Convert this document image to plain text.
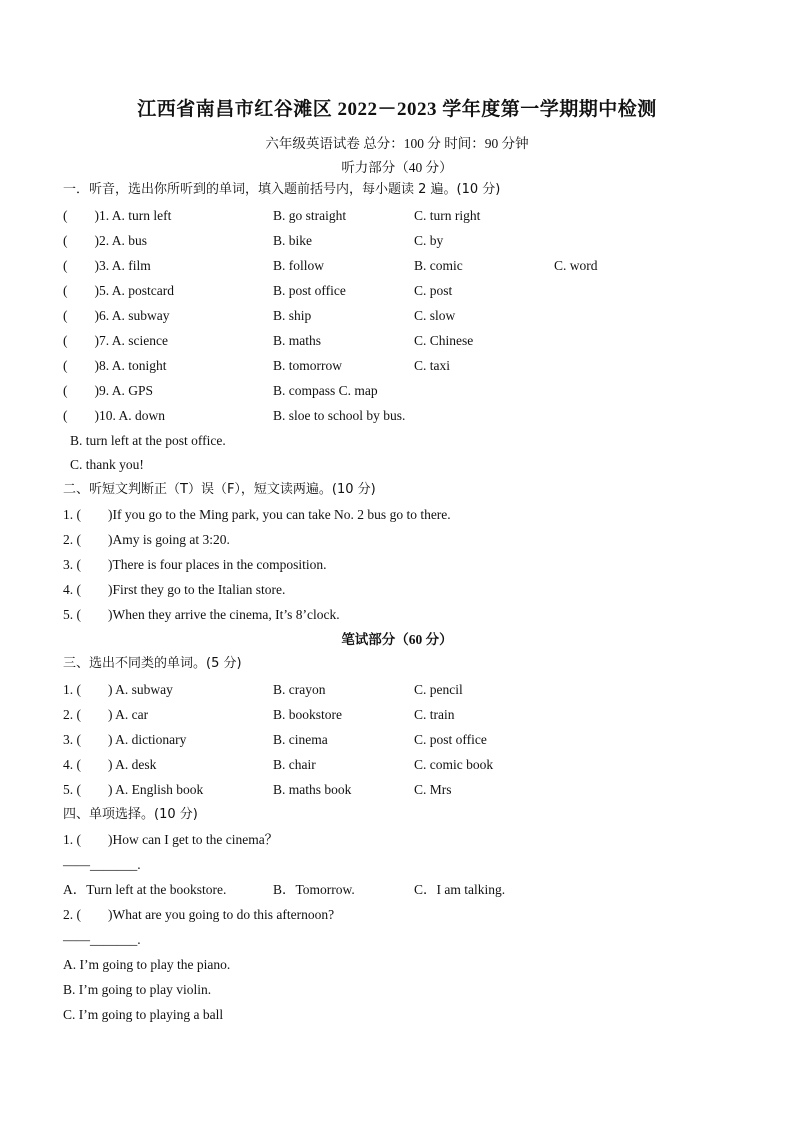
江西省南昌市红谷滩区 2022－2023 学年度第一学期期中检测
六年级英语试卷 总分：100 分 时间：90 分钟
听力部分（40 分）
一．听音，选出你所听到的单词，填入题前括号内，每小题读 2 遍。(10 分)
(　　)1. A. turn left	B. go straight	C. turn right
(　　)2. A. bus	B. bike	C. by
(　　)3. A. film	B. follow	B. comic	C. word
(　　)5. A. postcard	B. post office	C. post
(　　)6. A. subway	B. ship	C. slow
(　　)7. A. science	B. maths	C. Chinese
(　　)8. A. tonight	B. tomorrow	C. taxi
(　　)9. A. GPS	B. compass C. map
(　　)10. A. down	B. sloe to school by bus.
B. turn left at the post office.
C. thank you!
二、听短文判断正（T）误（F），短文读两遍。(10 分)
1. (　　)If you go to the Ming park, you can take No. 2 bus go to there.
2. (　　)Amy is going at 3:20.
3. (　　)There is four places in the composition.
4. (　　)First they go to the Italian store.
5. (　　)When they arrive the cinema, It’s 8’clock.
笔试部分（60 分）
三、选出不同类的单词。(5 分)
1. (　　) A. subway	B. crayon	C. pencil
2. (　　) A. car	B. bookstore	C. train
3. (　　) A. dictionary	B. cinema	C. post office
4. (　　) A. desk	B. chair	C. comic book
5. (　　) A. English book	B. maths book	C. Mrs
四、单项选择。(10 分)
1. (　　)How can I get to the cinema？
——_______.
A．Turn left at the bookstore.	B．Tomorrow.	C．I am talking.
2. (　　)What are you going to do this afternoon?
——_______.
A. I’m going to play the piano.
B. I’m going to play violin.
C. I’m going to playing a ball
